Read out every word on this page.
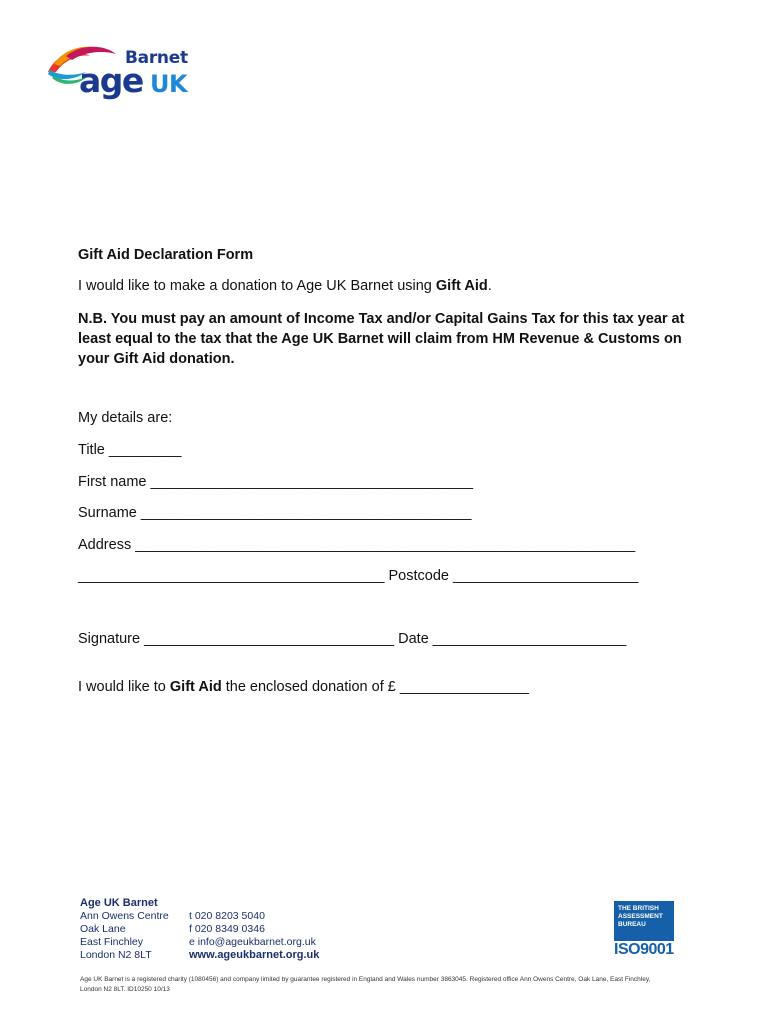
Barnet
age UK
Gift Aid Declaration Form
I would like to make a donation to Age UK Barnet using Gift Aid.
N.B. You must pay an amount of Income Tax and/or Capital Gains Tax for this tax year at least equal to the tax that the Age UK Barnet will claim from HM Revenue & Customs on your Gift Aid donation.
My details are:
Title _________
First name ________________________________________
Surname _________________________________________
Address ______________________________________________________________
______________________________________ Postcode _______________________
Signature _______________________________ Date ________________________
I would like to Gift Aid the enclosed donation of £ ________________
Age UK Barnet
Ann Owens Centre
Oak Lane
East Finchley
London N2 8LT
t 020 8203 5040
f 020 8349 0346
e info@ageukbarnet.org.uk
www.ageukbarnet.org.uk
THE BRITISH ASSESSMENT BUREAU
ISO9001
Age UK Barnet is a registered charity (1080456) and company limited by guarantee registered in England and Wales number 3863045. Registered office Ann Owens Centre, Oak Lane, East Finchley, London N2 8LT. ID10250 10/13
